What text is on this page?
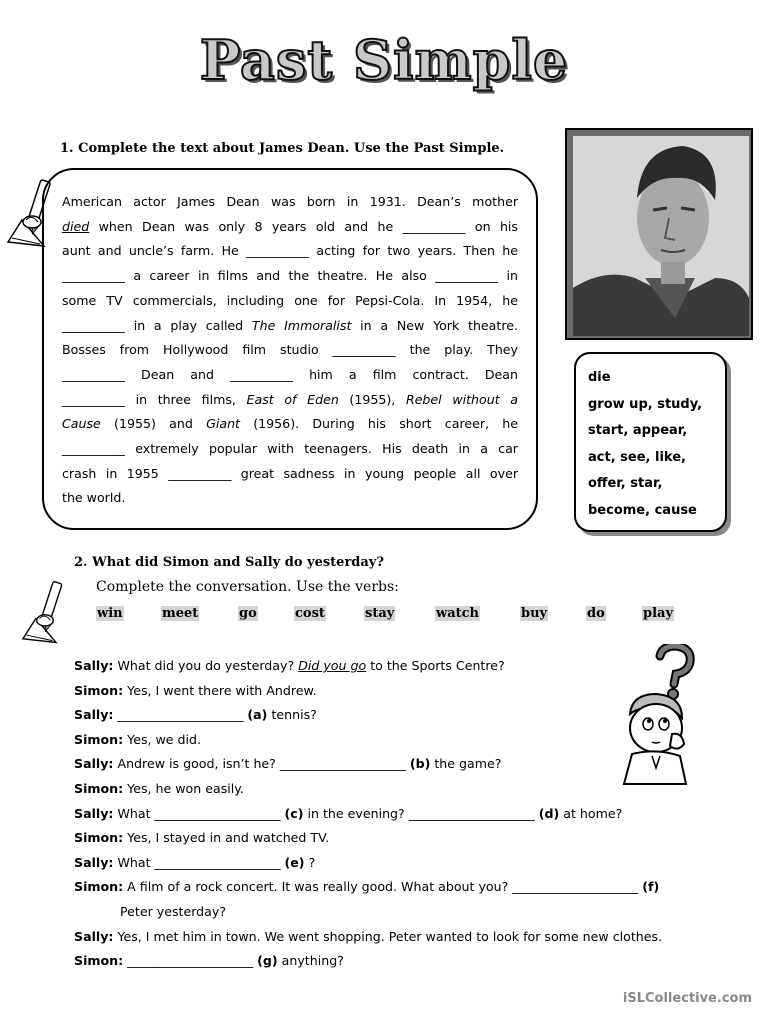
Past Simple
1. Complete the text about James Dean. Use the Past Simple.

American actor James Dean was born in 1931. Dean’s mother

died when Dean was only 8 years old and he __________ on his

aunt and uncle’s farm. He __________ acting for two years. Then he

__________ a career in films and the theatre. He also __________ in

some TV commercials, including one for Pepsi-Cola. In 1954, he

__________ in a play called The Immoralist in a New York theatre.

Bosses from Hollywood film studio __________ the play. They

__________ Dean and __________ him a film contract. Dean

__________ in three films, East of Eden (1955), Rebel without a

Cause (1955) and Giant (1956). During his short career, he

__________ extremely popular with teenagers. His death in a car

crash in 1955 __________ great sadness in young people all over

the world.

die
grow up, study,
start, appear,
act, see, like,
offer, star,
become, cause
2. What did Simon and Sally do yesterday?
Complete the conversation. Use the verbs:
win	meet	go	cost	stay	watch	buy	do	play
Sally: What did you do yesterday? Did you go to the Sports Centre?
Simon: Yes, I went there with Andrew.
Sally: ____________________ (a) tennis?
Simon: Yes, we did.
Sally: Andrew is good, isn’t he? ____________________ (b) the game?
Simon: Yes, he won easily.
Sally: What ____________________ (c) in the evening? ____________________ (d) at home?
Simon: Yes, I stayed in and watched TV.
Sally: What ____________________ (e) ?
Simon: A film of a rock concert. It was really good. What about you? ____________________ (f)
Peter yesterday?
Sally: Yes, I met him in town. We went shopping. Peter wanted to look for some new clothes.
Simon: ____________________ (g) anything?
iSLCollective.com
